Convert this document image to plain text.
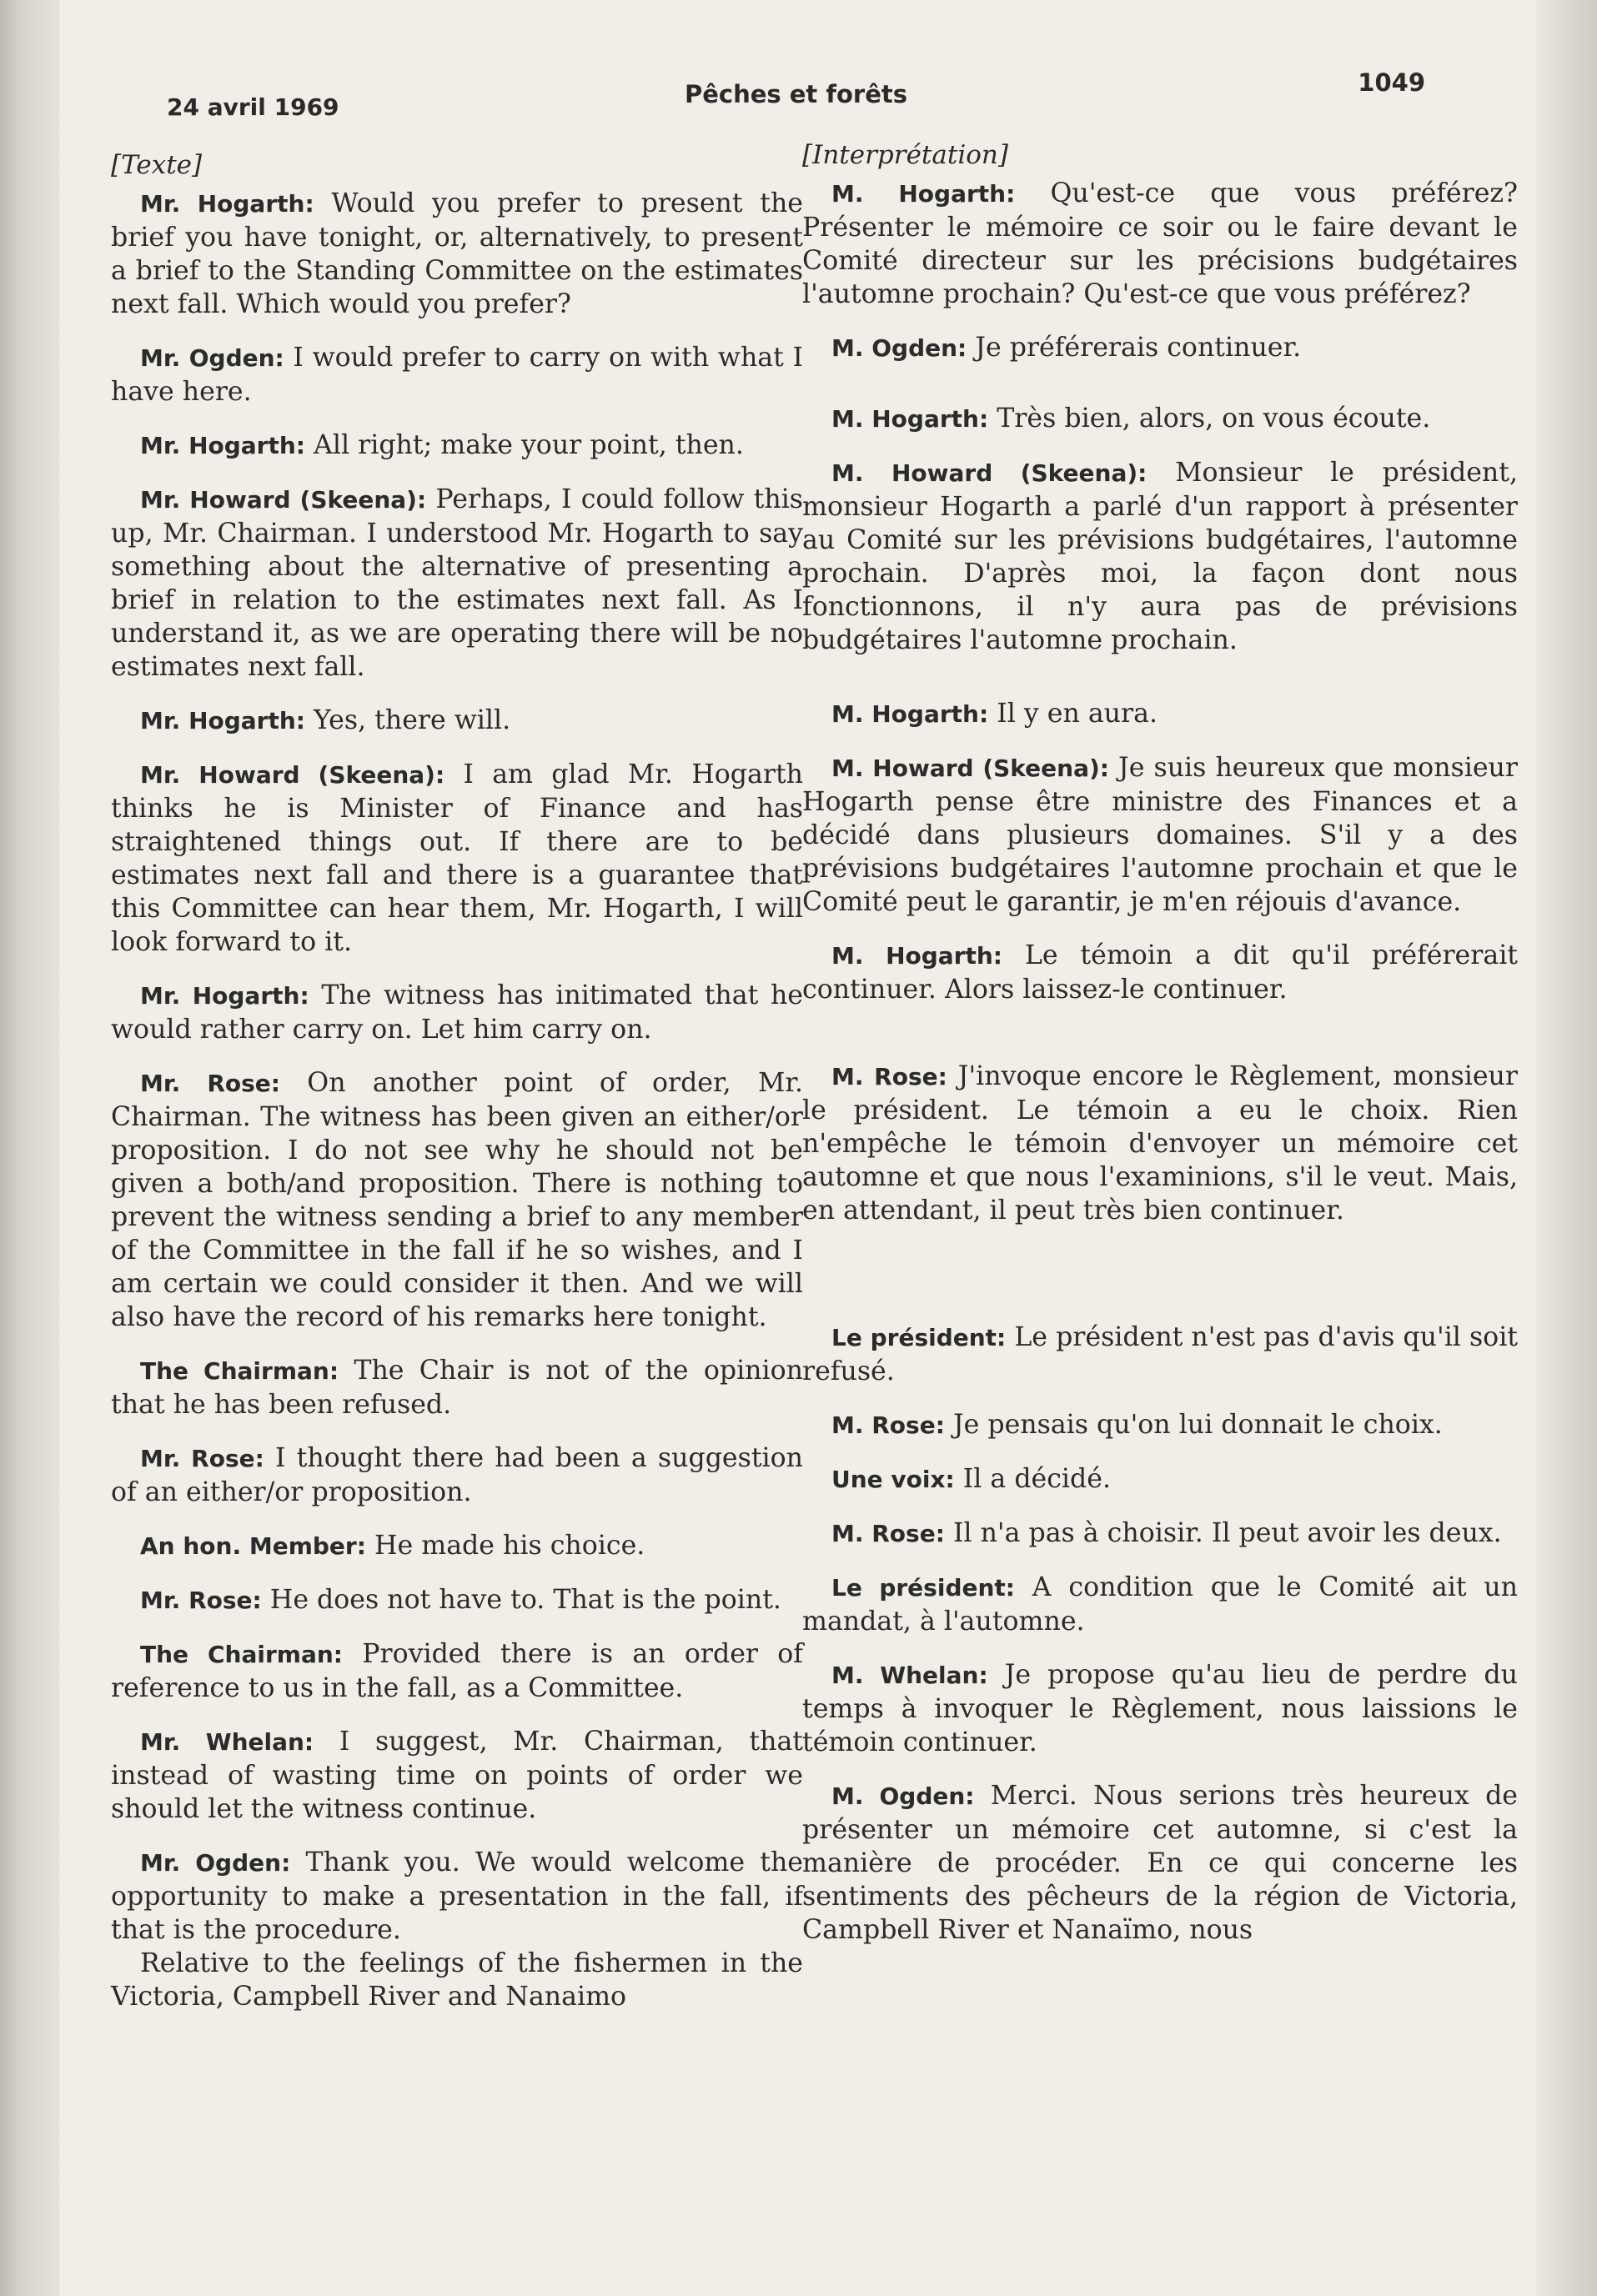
24 avril 1969	Pêches et forêts	1049

[Texte]

Mr. Hogarth: Would you prefer to present the brief you have tonight, or, alternatively, to present a brief to the Standing Committee on the estimates next fall. Which would you prefer?

Mr. Ogden: I would prefer to carry on with what I have here.

Mr. Hogarth: All right; make your point, then.

Mr. Howard (Skeena): Perhaps, I could follow this up, Mr. Chairman. I understood Mr. Hogarth to say something about the alternative of presenting a brief in relation to the estimates next fall. As I understand it, as we are operating there will be no estimates next fall.

Mr. Hogarth: Yes, there will.

Mr. Howard (Skeena): I am glad Mr. Hogarth thinks he is Minister of Finance and has straightened things out. If there are to be estimates next fall and there is a guarantee that this Committee can hear them, Mr. Hogarth, I will look forward to it.

Mr. Hogarth: The witness has initimated that he would rather carry on. Let him carry on.

Mr. Rose: On another point of order, Mr. Chairman. The witness has been given an either/or proposition. I do not see why he should not be given a both/and proposition. There is nothing to prevent the witness sending a brief to any member of the Committee in the fall if he so wishes, and I am certain we could consider it then. And we will also have the record of his remarks here tonight.

The Chairman: The Chair is not of the opinion that he has been refused.

Mr. Rose: I thought there had been a suggestion of an either/or proposition.

An hon. Member: He made his choice.

Mr. Rose: He does not have to. That is the point.

The Chairman: Provided there is an order of reference to us in the fall, as a Committee.

Mr. Whelan: I suggest, Mr. Chairman, that instead of wasting time on points of order we should let the witness continue.

Mr. Ogden: Thank you. We would welcome the opportunity to make a presentation in the fall, if that is the procedure.

Relative to the feelings of the fishermen in the Victoria, Campbell River and Nanaimo

[Interprétation]

M. Hogarth: Qu'est-ce que vous préférez? Présenter le mémoire ce soir ou le faire devant le Comité directeur sur les précisions budgétaires l'automne prochain? Qu'est-ce que vous préférez?

M. Ogden: Je préférerais continuer.

M. Hogarth: Très bien, alors, on vous écoute.

M. Howard (Skeena): Monsieur le président, monsieur Hogarth a parlé d'un rapport à présenter au Comité sur les prévisions budgétaires, l'automne prochain. D'après moi, la façon dont nous fonctionnons, il n'y aura pas de prévisions budgétaires l'automne prochain.

M. Hogarth: Il y en aura.

M. Howard (Skeena): Je suis heureux que monsieur Hogarth pense être ministre des Finances et a décidé dans plusieurs domaines. S'il y a des prévisions budgétaires l'automne prochain et que le Comité peut le garantir, je m'en réjouis d'avance.

M. Hogarth: Le témoin a dit qu'il préférerait continuer. Alors laissez-le continuer.

M. Rose: J'invoque encore le Règlement, monsieur le président. Le témoin a eu le choix. Rien n'empêche le témoin d'envoyer un mémoire cet automne et que nous l'examinions, s'il le veut. Mais, en attendant, il peut très bien continuer.

Le président: Le président n'est pas d'avis qu'il soit refusé.

M. Rose: Je pensais qu'on lui donnait le choix.

Une voix: Il a décidé.

M. Rose: Il n'a pas à choisir. Il peut avoir les deux.

Le président: A condition que le Comité ait un mandat, à l'automne.

M. Whelan: Je propose qu'au lieu de perdre du temps à invoquer le Règlement, nous laissions le témoin continuer.

M. Ogden: Merci. Nous serions très heureux de présenter un mémoire cet automne, si c'est la manière de procéder. En ce qui concerne les sentiments des pêcheurs de la région de Victoria, Campbell River et Nanaïmo, nous
